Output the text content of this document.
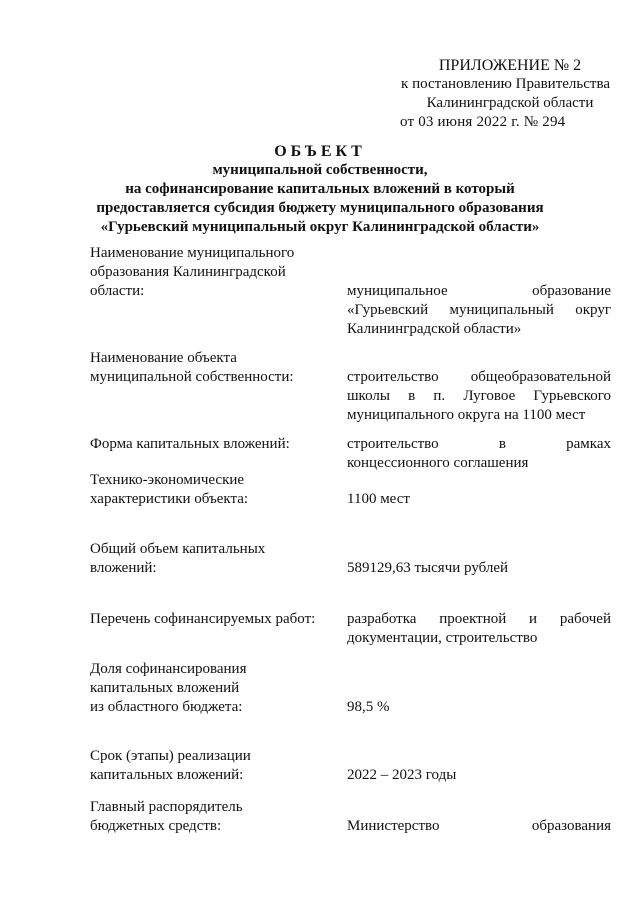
ПРИЛОЖЕНИЕ № 2
к постановлению Правительства
Калининградской области
от 03 июня 2022 г. № 294
ОБЪЕКТ
муниципальной собственности,
на софинансирование капитальных вложений в который
предоставляется субсидия бюджету муниципального образования
«Гурьевский муниципальный округ Калининградской области»
Наименование муниципального
образования Калининградской
области:	муниципальное образование
«Гурьевский муниципальный округ
Калининградской области»
Наименование объекта
муниципальной собственности:	строительство общеобразовательной
школы в п. Луговое Гурьевского
муниципального округа на 1100 мест
Форма капитальных вложений:	строительство в рамках
концессионного соглашения
Технико-экономические
характеристики объекта:	1100 мест
Общий объем капитальных
вложений:	589129,63 тысячи рублей
Перечень софинансируемых работ:	разработка проектной и рабочей
документации, строительство
Доля софинансирования
капитальных вложений
из областного бюджета:	98,5 %
Срок (этапы) реализации
капитальных вложений:	2022 – 2023 годы
Главный распорядитель
бюджетных средств:	Министерство образования
